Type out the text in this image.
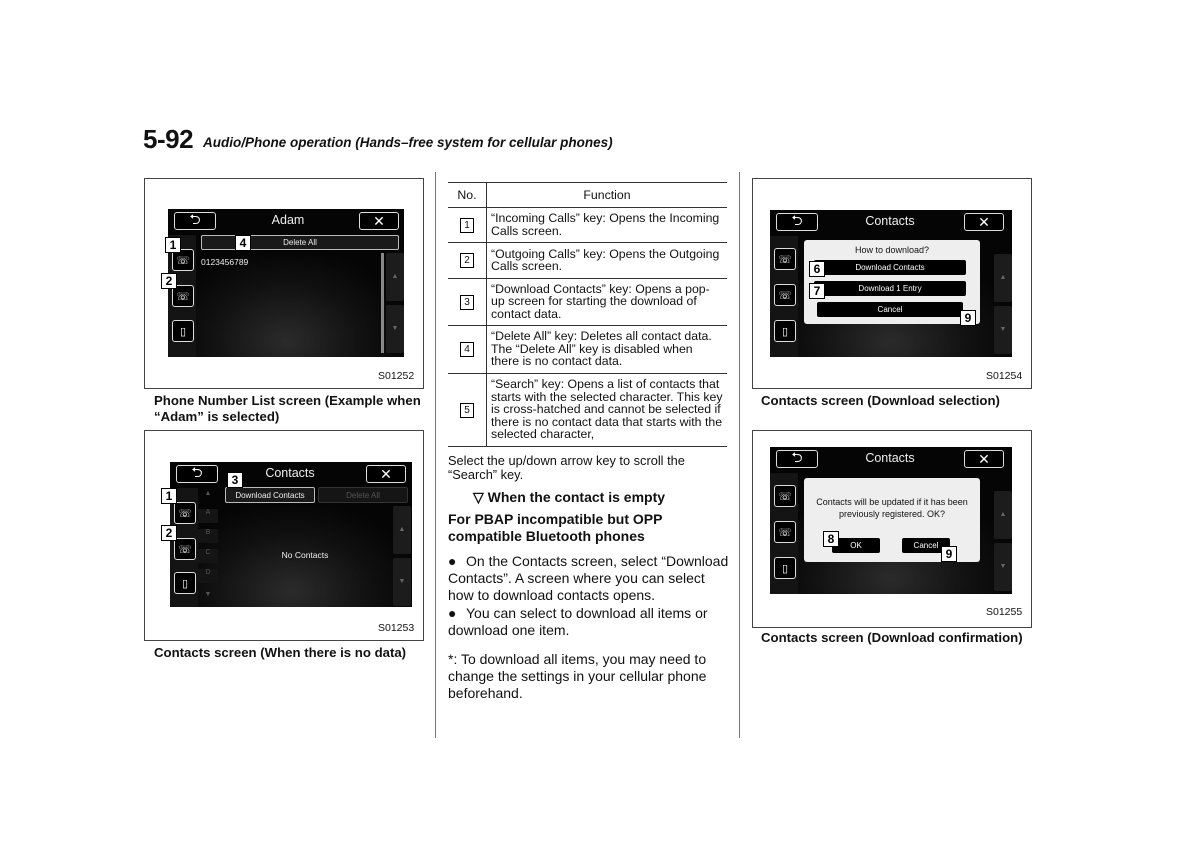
5-92 Audio/Phone operation (Hands–free system for cellular phones)
⮌	Adam	✕
☏
☏
▯
Delete All
0123456789
▲
▼
1
2
4
S01252
Phone Number List screen (Example when “Adam” is selected)
⮌	Contacts	✕
☏
☏
▯
▲
A
B
C
D
▼
Download Contacts	Delete All
No Contacts
▲
▼
1
2
3
S01253
Contacts screen (When there is no data)
No.	Function
1	“Incoming Calls” key: Opens the Incoming Calls screen.
2	“Outgoing Calls” key: Opens the Outgoing Calls screen.
3	“Download Contacts” key: Opens a pop-up screen for starting the download of contact data.
4	“Delete All” key: Deletes all contact data. The “Delete All” key is disabled when there is no contact data.
5	“Search” key: Opens a list of contacts that starts with the selected character. This key is cross-hatched and cannot be selected if there is no contact data that starts with the selected character,
Select the up/down arrow key to scroll the “Search” key.
▽ When the contact is empty
For PBAP incompatible but OPP compatible Bluetooth phones
● On the Contacts screen, select “Download Contacts”. A screen where you can select how to download contacts opens.
● You can select to download all items or download one item.
*: To download all items, you may need to change the settings in your cellular phone beforehand.
⮌	Contacts	✕
☏
☏
▯
▲
▼
How to download?
Download Contacts
Download 1 Entry
Cancel
6
7
9
S01254
Contacts screen (Download selection)
⮌	Contacts	✕
☏
☏
▯
▲
▼
Contacts will be updated if it has been previously registered. OK?
OK	Cancel
8
9
S01255
Contacts screen (Download confirmation)
